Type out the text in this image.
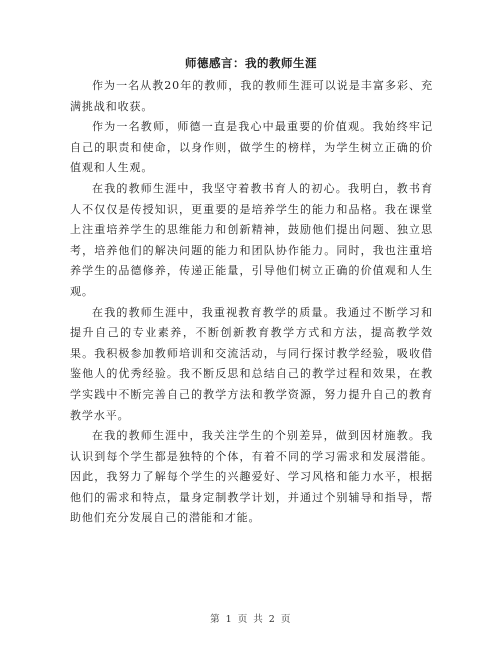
师德感言：我的教师生涯

作为一名从教20年的教师，我的教师生涯可以说是丰富多彩、充满挑战和收获。

作为一名教师，师德一直是我心中最重要的价值观。我始终牢记自己的职责和使命，以身作则，做学生的榜样，为学生树立正确的价值观和人生观。

在我的教师生涯中，我坚守着教书育人的初心。我明白，教书育人不仅仅是传授知识，更重要的是培养学生的能力和品格。我在课堂上注重培养学生的思维能力和创新精神，鼓励他们提出问题、独立思考，培养他们的解决问题的能力和团队协作能力。同时，我也注重培养学生的品德修养，传递正能量，引导他们树立正确的价值观和人生观。

在我的教师生涯中，我重视教育教学的质量。我通过不断学习和提升自己的专业素养，不断创新教育教学方式和方法，提高教学效果。我积极参加教师培训和交流活动，与同行探讨教学经验，吸收借鉴他人的优秀经验。我不断反思和总结自己的教学过程和效果，在教学实践中不断完善自己的教学方法和教学资源，努力提升自己的教育教学水平。

在我的教师生涯中，我关注学生的个别差异，做到因材施教。我认识到每个学生都是独特的个体，有着不同的学习需求和发展潜能。因此，我努力了解每个学生的兴趣爱好、学习风格和能力水平，根据他们的需求和特点，量身定制教学计划，并通过个别辅导和指导，帮助他们充分发展自己的潜能和才能。

第 1 页 共 2 页
